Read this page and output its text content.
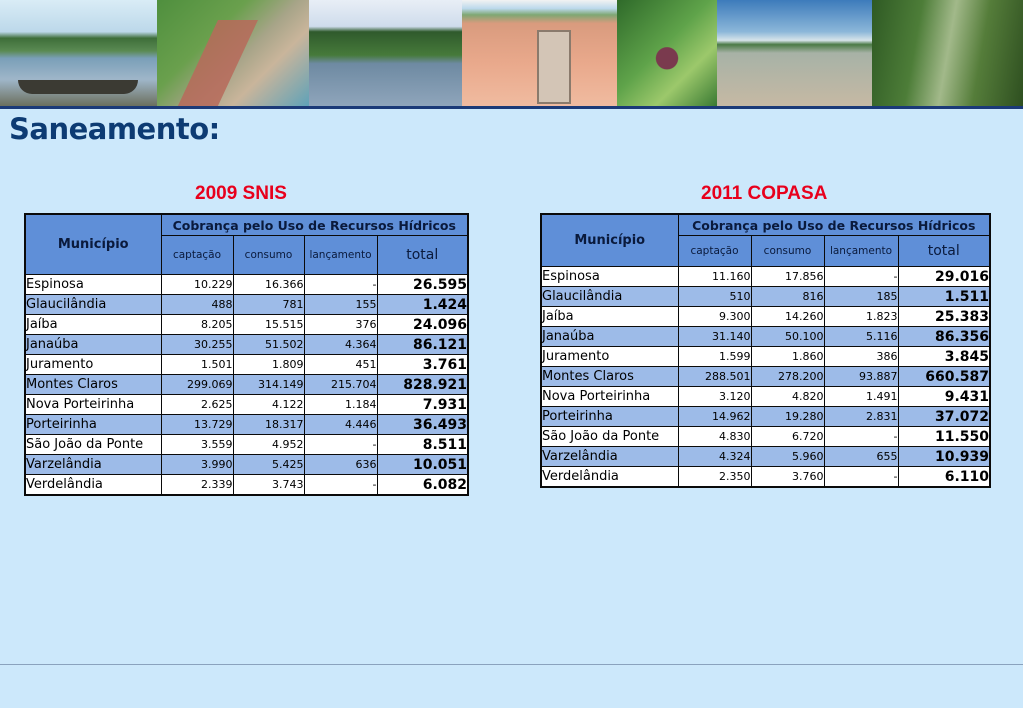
Saneamento:
2009 SNIS	2011 COPASA
Município	Cobrança pelo Uso de Recursos Hídricos			
	captação	consumo	lançamento	total
Espinosa	10.229	16.366	-	26.595
Glaucilândia	488	781	155	1.424
Jaíba	8.205	15.515	376	24.096
Janaúba	30.255	51.502	4.364	86.121
Juramento	1.501	1.809	451	3.761
Montes Claros	299.069	314.149	215.704	828.921
Nova Porteirinha	2.625	4.122	1.184	7.931
Porteirinha	13.729	18.317	4.446	36.493
São João da Ponte	3.559	4.952	-	8.511
Varzelândia	3.990	5.425	636	10.051
Verdelândia	2.339	3.743	-	6.082
Município	Cobrança pelo Uso de Recursos Hídricos			
	captação	consumo	lançamento	total
Espinosa	11.160	17.856	-	29.016
Glaucilândia	510	816	185	1.511
Jaíba	9.300	14.260	1.823	25.383
Janaúba	31.140	50.100	5.116	86.356
Juramento	1.599	1.860	386	3.845
Montes Claros	288.501	278.200	93.887	660.587
Nova Porteirinha	3.120	4.820	1.491	9.431
Porteirinha	14.962	19.280	2.831	37.072
São João da Ponte	4.830	6.720	-	11.550
Varzelândia	4.324	5.960	655	10.939
Verdelândia	2.350	3.760	-	6.110
